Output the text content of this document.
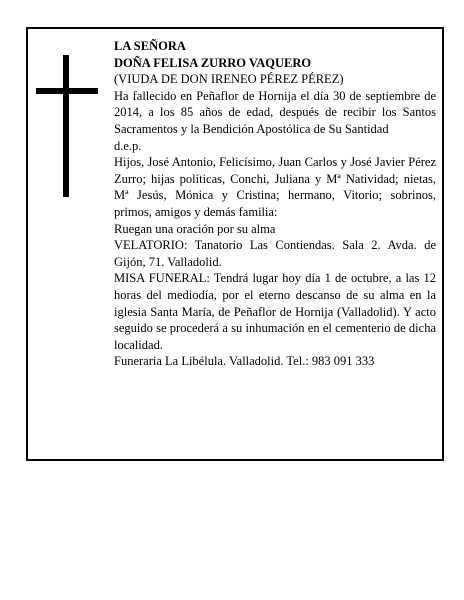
LA SEÑORA

DOÑA FELISA ZURRO VAQUERO

(VIUDA DE DON IRENEO PÉREZ PÉREZ)

Ha fallecido en Peñaflor de Hornija el día 30 de septiembre de 2014, a los 85 años de edad, después de recibir los Santos Sacramentos y la Bendición Apostólica de Su Santidad

d.e.p.

Hijos, José Antonio, Felicísimo, Juan Carlos y José Javier Pérez Zurro; hijas políticas, Conchi, Juliana y Mª Natividad; nietas, Mª Jesús, Mónica y Cristina; hermano, Vitorio; sobrinos, primos, amigos y demás familia:

Ruegan una oración por su alma

VELATORIO: Tanatorio Las Contiendas. Sala 2. Avda. de Gijón, 71. Valladolid.

MISA FUNERAL: Tendrá lugar hoy día 1 de octubre, a las 12 horas del mediodía, por el eterno descanso de su alma en la iglesia Santa María, de Peñaflor de Hornija (Valladolid). Y acto seguido se procederá a su inhumación en el cementerio de dicha localidad.

Funeraria La Libélula. Valladolid. Tel.: 983 091 333
